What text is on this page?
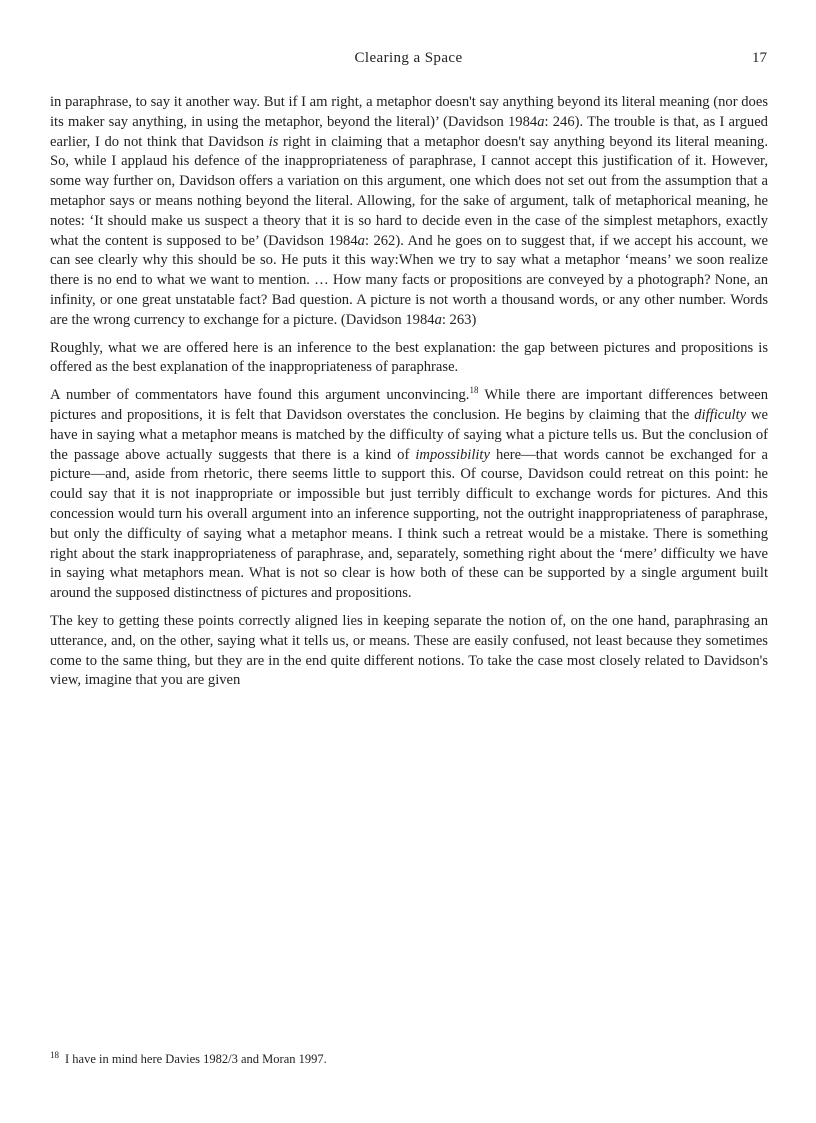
Clearing a Space	17

in paraphrase, to say it another way. But if I am right, a metaphor doesn't say anything beyond its literal meaning (nor does its maker say anything, in using the metaphor, beyond the literal)’ (Davidson 1984a: 246). The trouble is that, as I argued earlier, I do not think that Davidson is right in claiming that a metaphor doesn't say anything beyond its literal meaning. So, while I applaud his defence of the inappropriateness of paraphrase, I cannot accept this justification of it. However, some way further on, Davidson offers a variation on this argument, one which does not set out from the assumption that a metaphor says or means nothing beyond the literal. Allowing, for the sake of argument, talk of metaphorical meaning, he notes: ‘It should make us suspect a theory that it is so hard to decide even in the case of the simplest metaphors, exactly what the content is supposed to be’ (Davidson 1984a: 262). And he goes on to suggest that, if we accept his account, we can see clearly why this should be so. He puts it this way:When we try to say what a metaphor ‘means’ we soon realize there is no end to what we want to mention. … How many facts or propositions are conveyed by a photograph? None, an infinity, or one great unstatable fact? Bad question. A picture is not worth a thousand words, or any other number. Words are the wrong currency to exchange for a picture. (Davidson 1984a: 263)

Roughly, what we are offered here is an inference to the best explanation: the gap between pictures and propositions is offered as the best explanation of the inappropriateness of paraphrase.

A number of commentators have found this argument unconvincing.$^{18}$ While there are important differences between pictures and propositions, it is felt that Davidson overstates the conclusion. He begins by claiming that the difficulty we have in saying what a metaphor means is matched by the difficulty of saying what a picture tells us. But the conclusion of the passage above actually suggests that there is a kind of impossibility here—that words cannot be exchanged for a picture—and, aside from rhetoric, there seems little to support this. Of course, Davidson could retreat on this point: he could say that it is not inappropriate or impossible but just terribly difficult to exchange words for pictures. And this concession would turn his overall argument into an inference supporting, not the outright inappropriateness of paraphrase, but only the difficulty of saying what a metaphor means. I think such a retreat would be a mistake. There is something right about the stark inappropriateness of paraphrase, and, separately, something right about the ‘mere’ difficulty we have in saying what metaphors mean. What is not so clear is how both of these can be supported by a single argument built around the supposed distinctness of pictures and propositions.

The key to getting these points correctly aligned lies in keeping separate the notion of, on the one hand, paraphrasing an utterance, and, on the other, saying what it tells us, or means. These are easily confused, not least because they sometimes come to the same thing, but they are in the end quite different notions. To take the case most closely related to Davidson's view, imagine that you are given

$^{18}$ I have in mind here Davies 1982/3 and Moran 1997.
